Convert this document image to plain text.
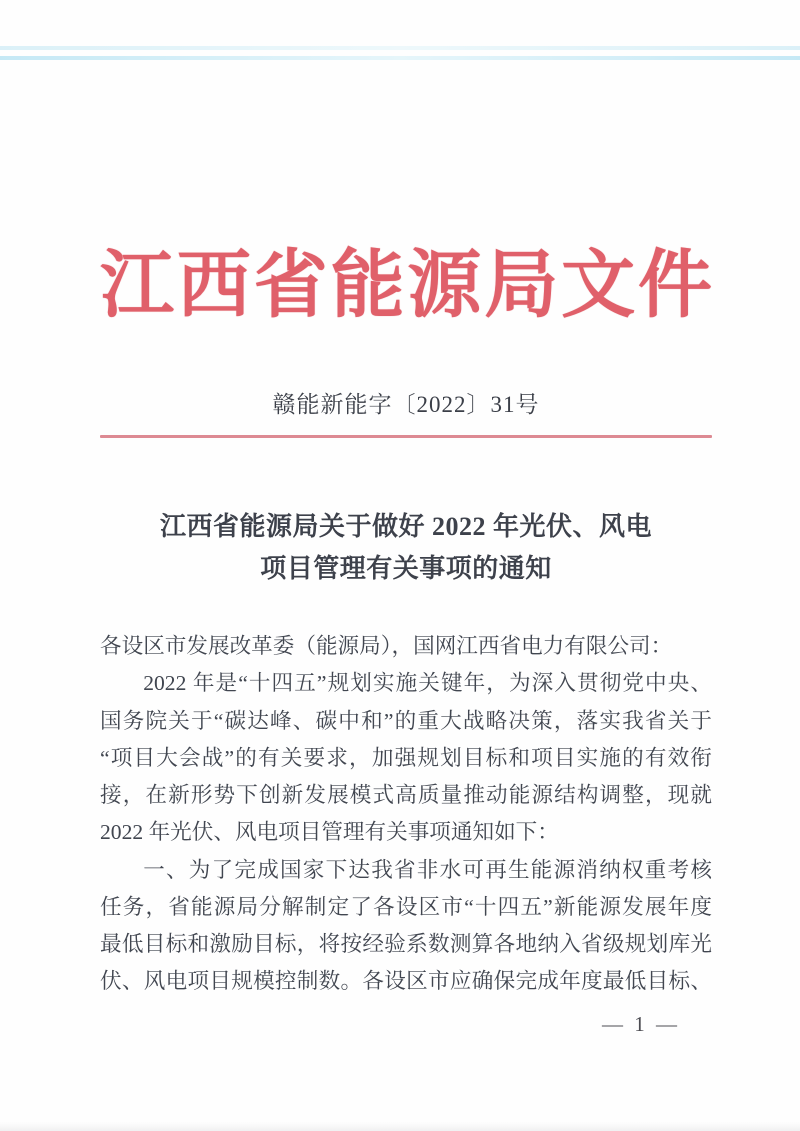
江西省能源局文件
赣能新能字〔2022〕31号
江西省能源局关于做好 2022 年光伏、风电
项目管理有关事项的通知
各设区市发展改革委（能源局），国网江西省电力有限公司：
2022 年是“十四五”规划实施关键年，为深入贯彻党中央、
国务院关于“碳达峰、碳中和”的重大战略决策，落实我省关于
“项目大会战”的有关要求，加强规划目标和项目实施的有效衔
接，在新形势下创新发展模式高质量推动能源结构调整，现就
2022 年光伏、风电项目管理有关事项通知如下：
一、为了完成国家下达我省非水可再生能源消纳权重考核
任务，省能源局分解制定了各设区市“十四五”新能源发展年度
最低目标和激励目标，将按经验系数测算各地纳入省级规划库光
伏、风电项目规模控制数。各设区市应确保完成年度最低目标、
— 1 —
